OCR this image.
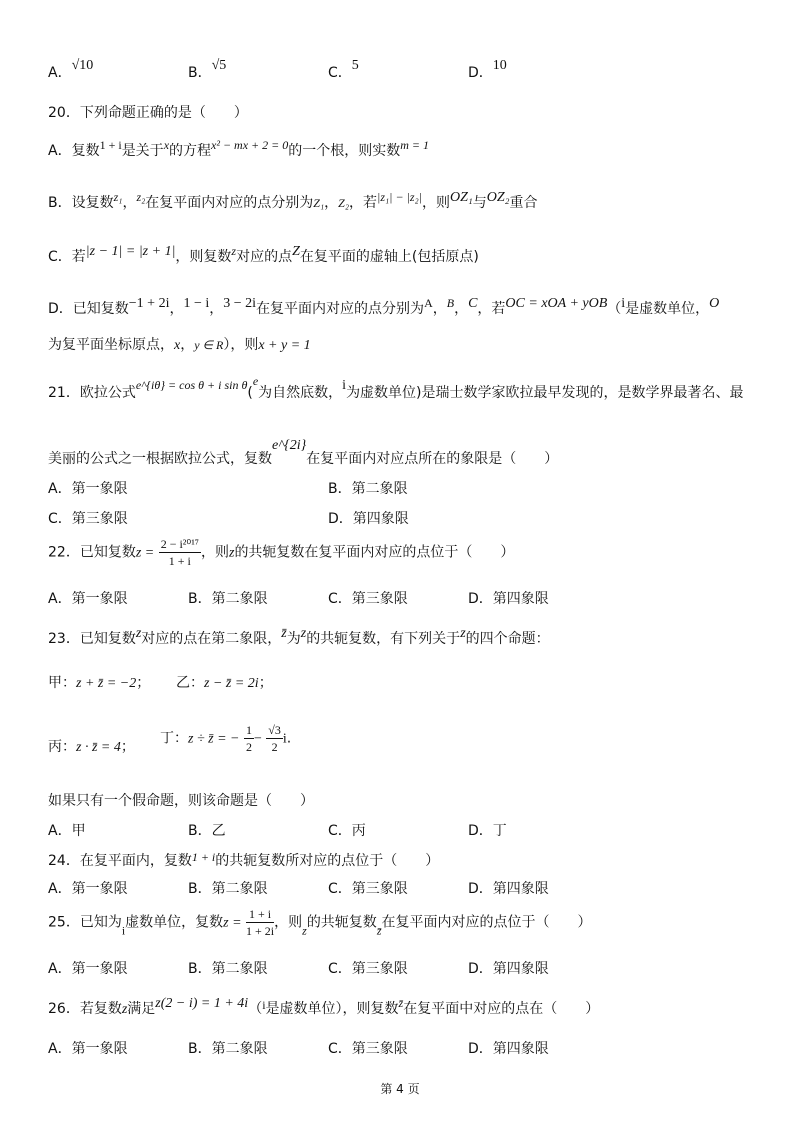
A．√10	B．√5	C．5	D．10
20．下列命题正确的是（　　）
A．复数1 + i是关于x的方程x² − mx + 2 = 0的一个根，则实数m = 1
B．设复数z₁，z₂在复平面内对应的点分别为Z₁，Z₂，若|z₁| − |z₂|，则OZ₁与OZ₂重合
C．若|z − 1| = |z + 1|，则复数z对应的点Z在复平面的虚轴上(包括原点)
D．已知复数−1 + 2i，1 − i，3 − 2i在复平面内对应的点分别为A，B，C，若OC = xOA + yOB（i是虚数单位，O
为复平面坐标原点，x，y ∈ R），则x + y = 1
21．欧拉公式e^{iθ} = cos θ + i sin θ(e为自然底数，i为虚数单位)是瑞士数学家欧拉最早发现的，是数学界最著名、最
美丽的公式之一根据欧拉公式，复数e^{2i}在复平面内对应点所在的象限是（　　）
A．第一象限	B．第二象限
C．第三象限	D．第四象限
22．已知复数$z = \frac{\text{2 − i²⁰¹⁷}}{1 + i}$ ，则z的共轭复数在复平面内对应的点位于（　　）
A．第一象限	B．第二象限	C．第三象限	D．第四象限
23．已知复数z对应的点在第二象限，z̄为z的共轭复数，有下列关于z的四个命题：
甲：z + z̄ = −2； 乙：z − z̄ = 2i；
丙：z · z̄ = 4；
丁：z ÷ z̄ = − $\frac{1}{2} - \frac{√3}{2} i$.
如果只有一个假命题，则该命题是（　　）
A．甲	B．乙	C．丙	D．丁
24．在复平面内，复数1 + i的共轭复数所对应的点位于（　　）
A．第一象限	B．第二象限	C．第三象限	D．第四象限
25．已知为i虚数单位，复数$z = \frac{1 + i}{1 + 2i}$ ，则z的共轭复数z̄在复平面内对应的点位于（　　）
A．第一象限	B．第二象限	C．第三象限	D．第四象限
26．若复数z满足z(2 − i) = 1 + 4i（i是虚数单位），则复数z̄在复平面中对应的点在（　　）
A．第一象限	B．第二象限	C．第三象限	D．第四象限
第 4 页
